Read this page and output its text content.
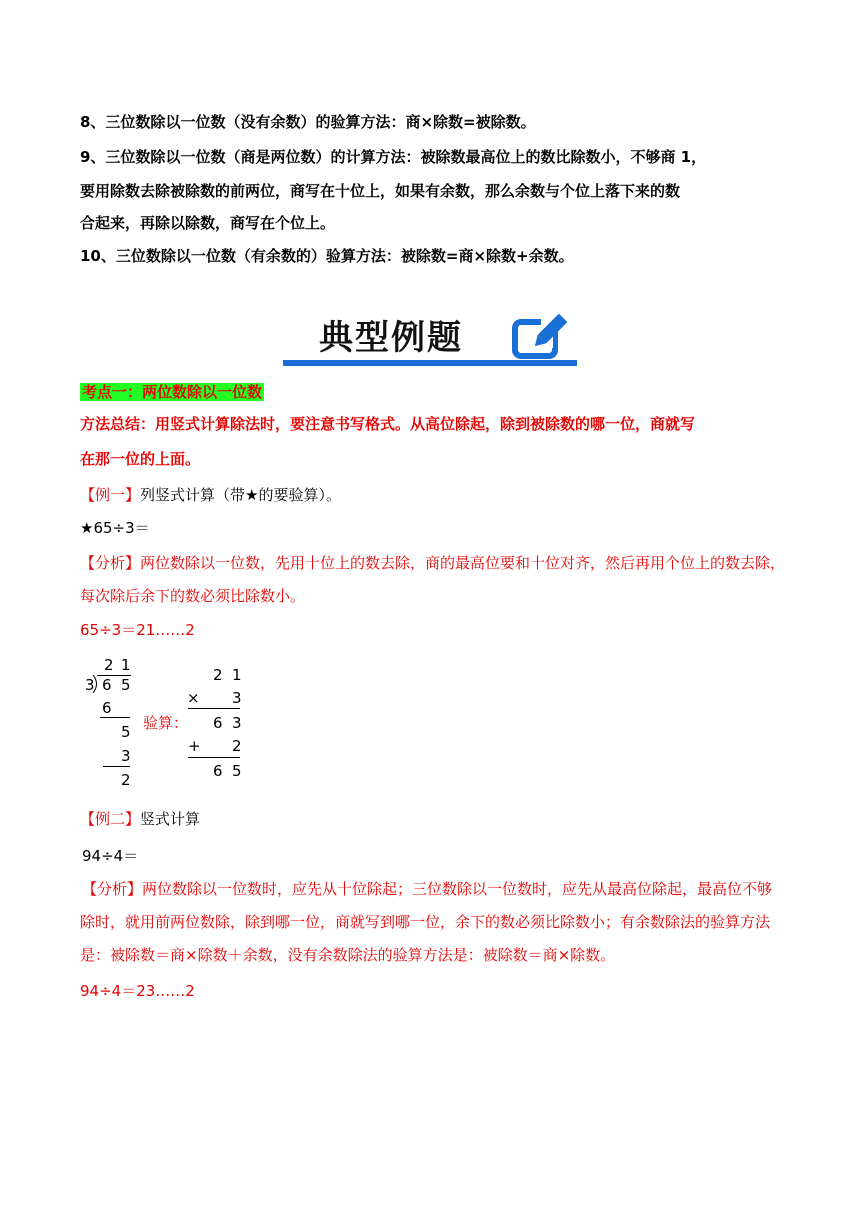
8、三位数除以一位数（没有余数）的验算方法：商×除数=被除数。
9、三位数除以一位数（商是两位数）的计算方法：被除数最高位上的数比除数小，不够商 1，
要用除数去除被除数的前两位，商写在十位上，如果有余数，那么余数与个位上落下来的数
合起来，再除以除数，商写在个位上。
10、三位数除以一位数（有余数的）验算方法：被除数=商×除数+余数。
典型例题
考点一：两位数除以一位数
方法总结：用竖式计算除法时，要注意书写格式。从高位除起，除到被除数的哪一位，商就写
在那一位的上面。
【例一】列竖式计算（带★的要验算）。
★65÷3＝
【分析】两位数除以一位数，先用十位上的数去除，商的最高位要和十位对齐，然后再用个位上的数去除，
每次除后余下的数必须比除数小。
65÷3＝21……2
2 1
3 6 5
6
5
3
2
验算：
2 1
× 3
6 3
+ 2
6 5
【例二】竖式计算
94÷4＝
【分析】两位数除以一位数时，应先从十位除起；三位数除以一位数时，应先从最高位除起，最高位不够
除时，就用前两位数除，除到哪一位，商就写到哪一位，余下的数必须比除数小；有余数除法的验算方法
是：被除数＝商×除数＋余数，没有余数除法的验算方法是：被除数＝商×除数。
94÷4＝23……2
